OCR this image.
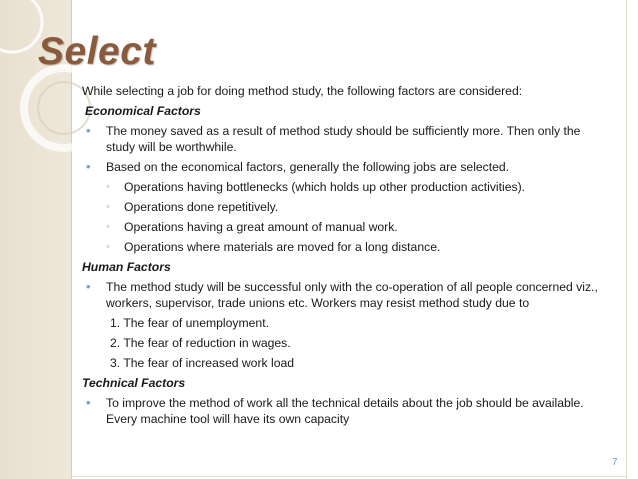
Select

While selecting a job for doing method study, the following factors are considered:

Economical Factors

• The money saved as a result of method study should be sufficiently more. Then only the study will be worthwhile.

• Based on the economical factors, generally the following jobs are selected.

◦ Operations having bottlenecks (which holds up other production activities).

◦ Operations done repetitively.

◦ Operations having a great amount of manual work.

◦ Operations where materials are moved for a long distance.

Human Factors

• The method study will be successful only with the co-operation of all people concerned viz., workers, supervisor, trade unions etc. Workers may resist method study due to

1. The fear of unemployment.

2. The fear of reduction in wages.

3. The fear of increased work load

Technical Factors

• To improve the method of work all the technical details about the job should be available. Every machine tool will have its own capacity

7
